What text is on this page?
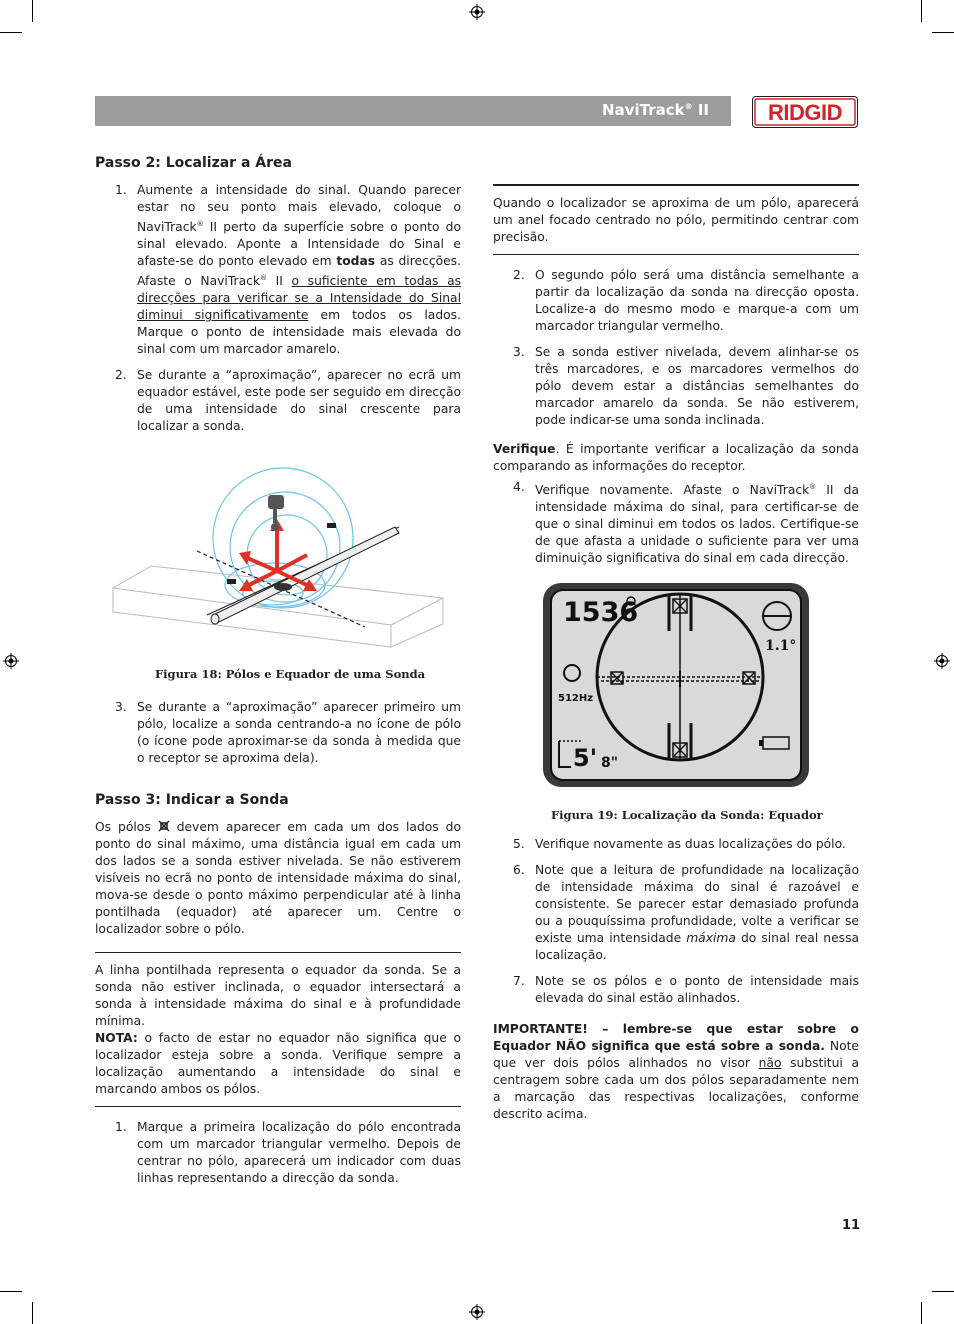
NaviTrack® II	RIDGID
Passo 2: Localizar a Área
1. Aumente a intensidade do sinal. Quando parecer estar no seu ponto mais elevado, coloque o NaviTrack® II perto da superfície sobre o ponto do sinal elevado. Aponte a Intensidade do Sinal e afaste-se do ponto elevado em todas as direcções. Afaste o NaviTrack® II o suficiente em todas as direcções para verificar se a Intensidade do Sinal diminui significativamente em todos os lados. Marque o ponto de intensidade mais elevada do sinal com um marcador amarelo.
2. Se durante a “aproximação”, aparecer no ecrã um equador estável, este pode ser seguido em direcção de uma intensidade do sinal crescente para localizar a sonda.
Figura 18: Pólos e Equador de uma Sonda
3. Se durante a “aproximação” aparecer primeiro um pólo, localize a sonda centrando-a no ícone de pólo (o ícone pode aproximar-se da sonda à medida que o receptor se aproxima dela).
Passo 3: Indicar a Sonda

Os pólos  devem aparecer em cada um dos lados do ponto do sinal máximo, uma distância igual em cada um dos lados se a sonda estiver nivelada. Se não estiverem visíveis no ecrã no ponto de intensidade máxima do sinal, mova-se desde o ponto máximo perpendicular até à linha pontilhada (equador) até aparecer um. Centre o localizador sobre o pólo.

A linha pontilhada representa o equador da sonda. Se a sonda não estiver inclinada, o equador intersectará a sonda à intensidade máxima do sinal e à profundidade mínima.

NOTA: o facto de estar no equador não significa que o localizador esteja sobre a sonda. Verifique sempre a localização aumentando a intensidade do sinal e marcando ambos os pólos.

1. Marque a primeira localização do pólo encontrada com um marcador triangular vermelho. Depois de centrar no pólo, aparecerá um indicador com duas linhas representando a direcção da sonda.

Quando o localizador se aproxima de um pólo, aparecerá um anel focado centrado no pólo, permitindo centrar com precisão.

2. O segundo pólo será uma distância semelhante a partir da localização da sonda na direcção oposta. Localize-a do mesmo modo e marque-a com um marcador triangular vermelho.
3. Se a sonda estiver nivelada, devem alinhar-se os três marcadores, e os marcadores vermelhos do pólo devem estar a distâncias semelhantes do marcador amarelo da sonda. Se não estiverem, pode indicar-se uma sonda inclinada.

Verifique. É importante verificar a localização da sonda comparando as informações do receptor.

4. Verifique novamente. Afaste o NaviTrack® II da intensidade máxima do sinal, para certificar-se de que o sinal diminui em todos os lados. Certifique-se de que afasta a unidade o suficiente para ver uma diminuição significativa do sinal em cada direcção.
1536
1.1°
512Hz
5' 8"
Figura 19: Localização da Sonda: Equador
5. Verifique novamente as duas localizações do pólo.
6. Note que a leitura de profundidade na localização de intensidade máxima do sinal é razoável e consistente. Se parecer estar demasiado profunda ou a pouquíssima profundidade, volte a verificar se existe uma intensidade máxima do sinal real nessa localização.
7. Note se os pólos e o ponto de intensidade mais elevada do sinal estão alinhados.

IMPORTANTE! – lembre-se que estar sobre o Equador NÃO significa que está sobre a sonda. Note que ver dois pólos alinhados no visor não substitui a centragem sobre cada um dos pólos separadamente nem a marcação das respectivas localizações, conforme descrito acima.

11
